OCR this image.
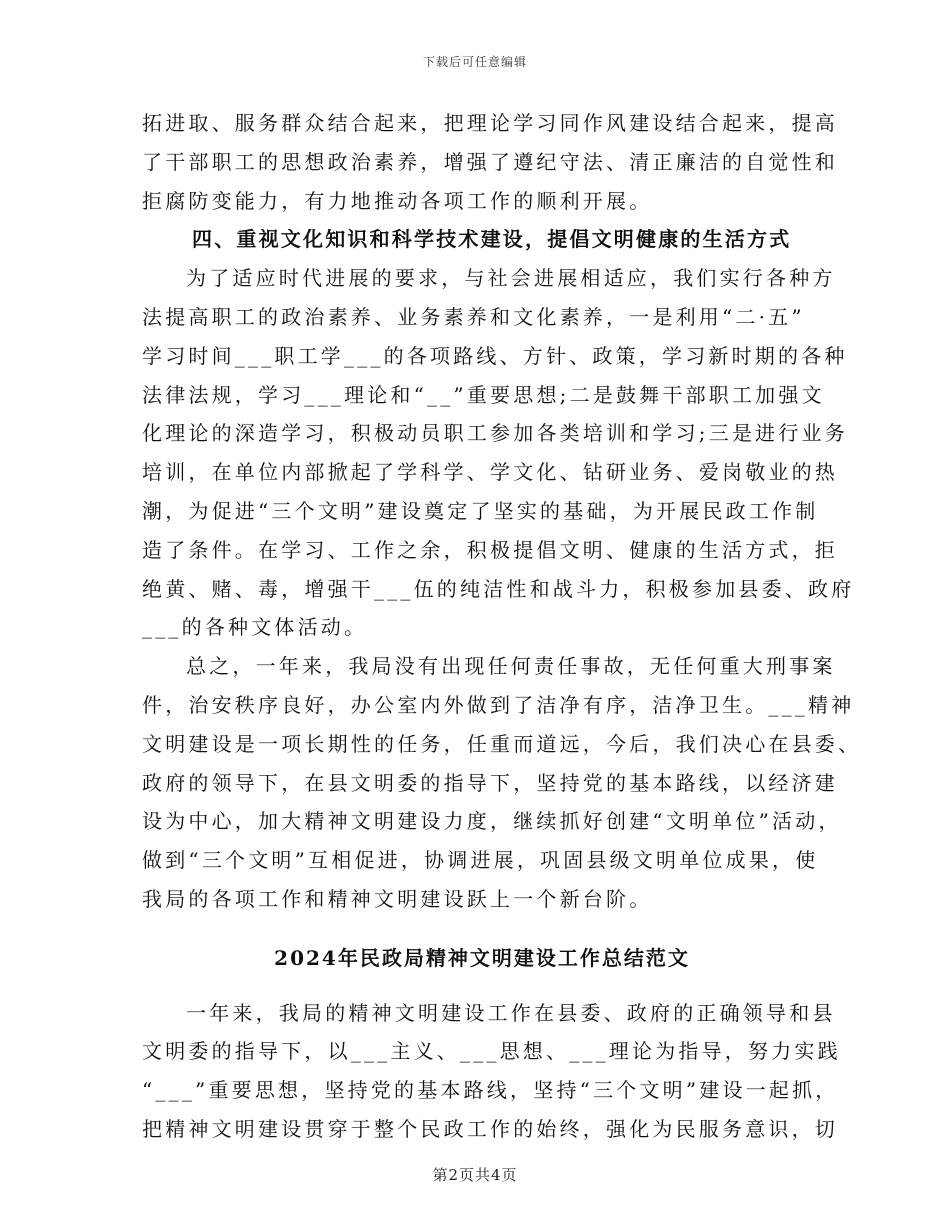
下载后可任意编辑
拓进取、服务群众结合起来，把理论学习同作风建设结合起来，提高
了干部职工的思想政治素养，增强了遵纪守法、清正廉洁的自觉性和
拒腐防变能力，有力地推动各项工作的顺利开展。
四、重视文化知识和科学技术建设，提倡文明健康的生活方式
为了适应时代进展的要求，与社会进展相适应，我们实行各种方
法提高职工的政治素养、业务素养和文化素养，一是利用“二·五”
学习时间___职工学___的各项路线、方针、政策，学习新时期的各种
法律法规，学习___理论和“__”重要思想;二是鼓舞干部职工加强文
化理论的深造学习，积极动员职工参加各类培训和学习;三是进行业务
培训，在单位内部掀起了学科学、学文化、钻研业务、爱岗敬业的热
潮，为促进“三个文明”建设奠定了坚实的基础，为开展民政工作制
造了条件。在学习、工作之余，积极提倡文明、健康的生活方式，拒
绝黄、赌、毒，增强干___伍的纯洁性和战斗力，积极参加县委、政府
___的各种文体活动。
总之，一年来，我局没有出现任何责任事故，无任何重大刑事案
件，治安秩序良好，办公室内外做到了洁净有序，洁净卫生。___精神
文明建设是一项长期性的任务，任重而道远，今后，我们决心在县委、
政府的领导下，在县文明委的指导下，坚持党的基本路线，以经济建
设为中心，加大精神文明建设力度，继续抓好创建“文明单位”活动，
做到“三个文明”互相促进，协调进展，巩固县级文明单位成果，使
我局的各项工作和精神文明建设跃上一个新台阶。
2024年民政局精神文明建设工作总结范文
一年来，我局的精神文明建设工作在县委、政府的正确领导和县
文明委的指导下，以___主义、___思想、___理论为指导，努力实践
“___”重要思想，坚持党的基本路线，坚持“三个文明”建设一起抓，
把精神文明建设贯穿于整个民政工作的始终，强化为民服务意识，切
第2页共4页
